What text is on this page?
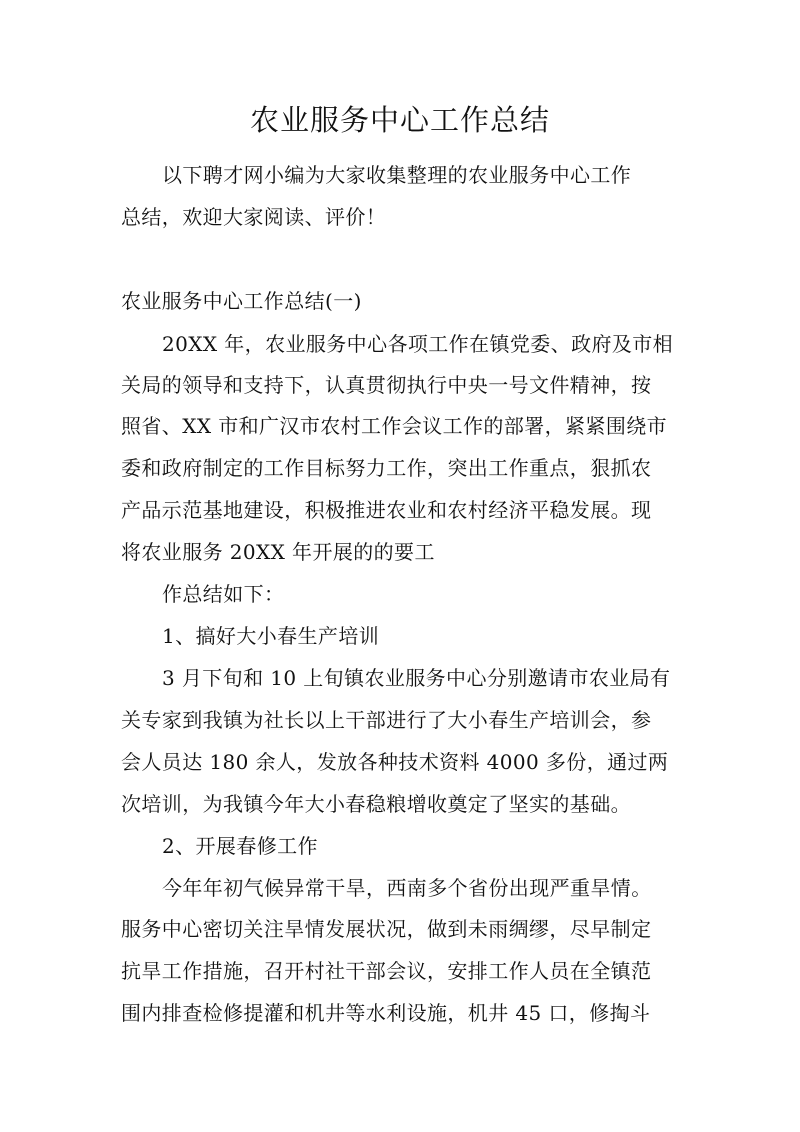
农业服务中心工作总结
以下聘才网小编为大家收集整理的农业服务中心工作
总结，欢迎大家阅读、评价！
农业服务中心工作总结(一)
20XX 年，农业服务中心各项工作在镇党委、政府及市相
关局的领导和支持下，认真贯彻执行中央一号文件精神，按
照省、XX 市和广汉市农村工作会议工作的部署，紧紧围绕市
委和政府制定的工作目标努力工作，突出工作重点，狠抓农
产品示范基地建设，积极推进农业和农村经济平稳发展。现
将农业服务 20XX 年开展的的要工
作总结如下：
1、搞好大小春生产培训
3 月下旬和 10 上旬镇农业服务中心分别邀请市农业局有
关专家到我镇为社长以上干部进行了大小春生产培训会，参
会人员达 180 余人，发放各种技术资料 4000 多份，通过两
次培训，为我镇今年大小春稳粮增收奠定了坚实的基础。
2、开展春修工作
今年年初气候异常干旱，西南多个省份出现严重旱情。
服务中心密切关注旱情发展状况，做到未雨绸缪，尽早制定
抗旱工作措施，召开村社干部会议，安排工作人员在全镇范
围内排查检修提灌和机井等水利设施，机井 45 口，修掏斗
